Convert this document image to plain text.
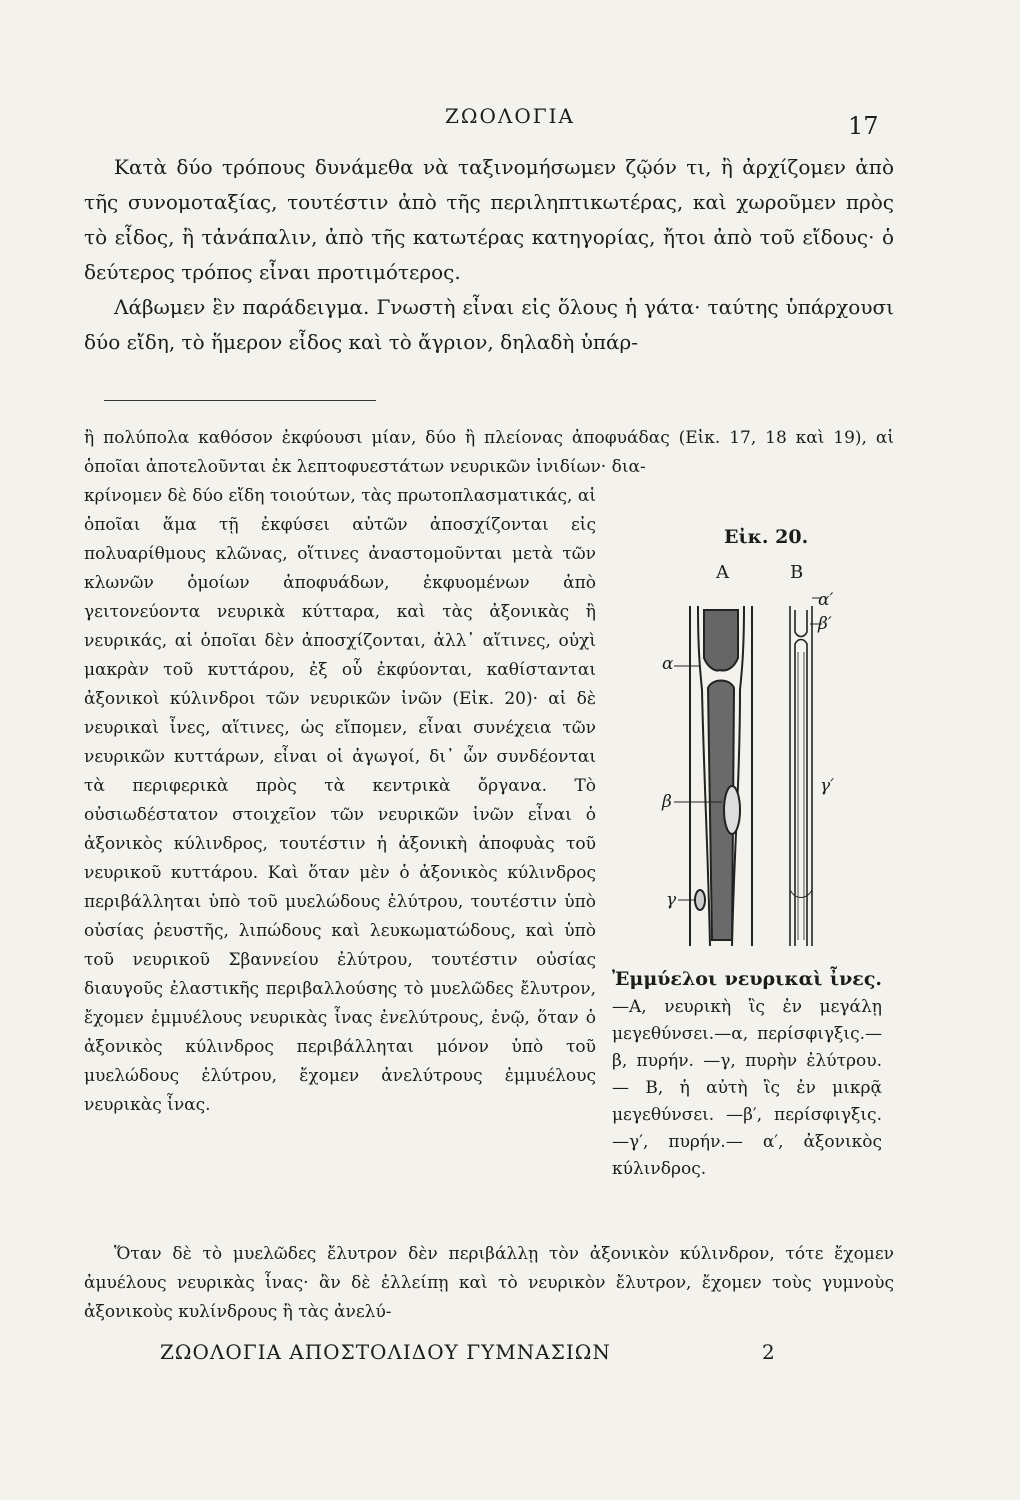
ΖΩΟΛΟΓΙΑ	17

Κατὰ δύο τρόπους δυνάμεθα νὰ ταξινομήσωμεν ζῷόν τι, ἢ ἀρχίζομεν ἀπὸ τῆς συνομοταξίας, τουτέστιν ἀπὸ τῆς περιληπτικωτέρας, καὶ χωροῦμεν πρὸς τὸ εἶδος, ἢ τἀνάπαλιν, ἀπὸ τῆς κατωτέρας κατηγορίας, ἤτοι ἀπὸ τοῦ εἴδους· ὁ δεύτερος τρόπος εἶναι προτιμότερος.

Λάβωμεν ἓν παράδειγμα. Γνωστὴ εἶναι εἰς ὅλους ἡ γάτα· ταύτης ὑπάρχουσι δύο εἴδη, τὸ ἥμερον εἶδος καὶ τὸ ἄγριον, δηλαδὴ ὑπάρ-

ἢ πολύπολα καθόσον ἐκφύουσι μίαν, δύο ἢ πλείονας ἀποφυάδας (Εἰκ. 17, 18 καὶ 19), αἱ ὁποῖαι ἀποτελοῦνται ἐκ λεπτοφυεστάτων νευρικῶν ἰνιδίων· δια-

κρίνομεν δὲ δύο εἴδη τοιούτων, τὰς πρωτοπλασματικάς, αἱ ὁποῖαι ἅμα τῇ ἐκφύσει αὐτῶν ἀποσχίζονται εἰς πολυαρίθμους κλῶνας, οἵτινες ἀναστομοῦνται μετὰ τῶν κλωνῶν ὁμοίων ἀποφυάδων, ἐκφυομένων ἀπὸ γειτονεύοντα νευρικὰ κύτταρα, καὶ τὰς ἀξονικὰς ἢ νευρικάς, αἱ ὁποῖαι δὲν ἀποσχίζονται, ἀλλ᾽ αἵτινες, οὐχὶ μακρὰν τοῦ κυττάρου, ἐξ οὗ ἐκφύονται, καθίστανται ἀξονικοὶ κύλινδροι τῶν νευρικῶν ἰνῶν (Εἰκ. 20)· αἱ δὲ νευρικαὶ ἶνες, αἵτινες, ὡς εἴπομεν, εἶναι συνέχεια τῶν νευρικῶν κυττάρων, εἶναι οἱ ἀγωγοί, δι᾽ ὧν συνδέονται τὰ περιφερικὰ πρὸς τὰ κεντρικὰ ὄργανα. Τὸ οὐσιωδέστατον στοιχεῖον τῶν νευρικῶν ἰνῶν εἶναι ὁ ἀξονικὸς κύλινδρος, τουτέστιν ἡ ἀξονικὴ ἀποφυὰς τοῦ νευρικοῦ κυττάρου. Καὶ ὅταν μὲν ὁ ἀξονικὸς κύλινδρος περιβάλληται ὑπὸ τοῦ μυελώδους ἐλύτρου, τουτέστιν ὑπὸ οὐσίας ῥευστῆς, λιπώδους καὶ λευκωματώδους, καὶ ὑπὸ τοῦ νευρικοῦ Σβαννείου ἐλύτρου, τουτέστιν οὐσίας διαυγοῦς ἐλαστικῆς περιβαλλούσης τὸ μυελῶδες ἔλυτρον, ἔχομεν ἐμμυέλους νευρικὰς ἶνας ἐνελύτρους, ἐνῷ, ὅταν ὁ ἀξονικὸς κύλινδρος περιβάλληται μόνον ὑπὸ τοῦ μυελώδους ἐλύτρου, ἔχομεν ἀνελύτρους ἐμμυέλους νευρικὰς ἶνας.

Εἰκ. 20.
Α	Β
α
β
γ
α′
β′
γ′

Ἐμμύελοι νευρικαὶ ἶνες.—Α, νευρικὴ ἲς ἐν μεγάλῃ μεγεθύνσει.—α, περίσφιγξις.—β, πυρήν. —γ, πυρὴν ἐλύτρου.— Β, ἡ αὐτὴ ἲς ἐν μικρᾷ μεγεθύνσει. —β′, περίσφιγξις.—γ′, πυρήν.— α′, ἀξονικὸς κύλινδρος.

Ὅταν δὲ τὸ μυελῶδες ἔλυτρον δὲν περιβάλλῃ τὸν ἀξονικὸν κύλινδρον, τότε ἔχομεν ἀμυέλους νευρικὰς ἶνας· ἂν δὲ ἐλλείπῃ καὶ τὸ νευρικὸν ἔλυτρον, ἔχομεν τοὺς γυμνοὺς ἀξονικοὺς κυλίνδρους ἢ τὰς ἀνελύ-

ΖΩΟΛΟΓΙΑ ΑΠΟΣΤΟΛΙΔΟΥ ΓΥΜΝΑΣΙΩΝ	2
